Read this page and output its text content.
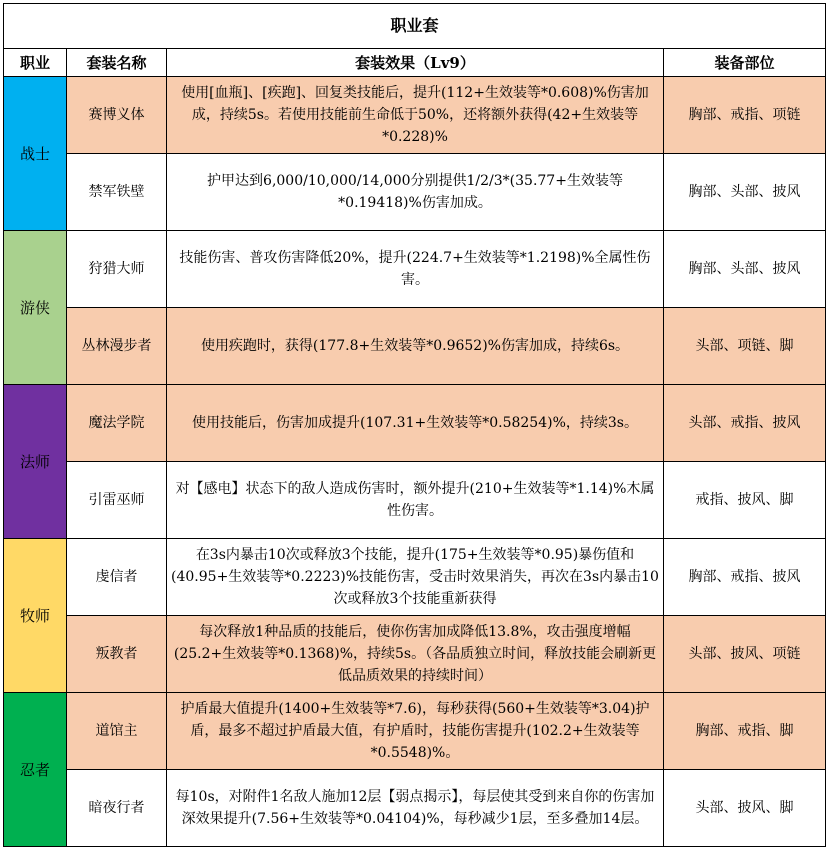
职业套			
职业	套装名称	套装效果（Lv9）	装备部位
战士	赛博义体	使用[血瓶]、[疾跑]、回复类技能后，提升(112+生效装等*0.608)%伤害加成，持续5s。若使用技能前生命低于50%，还将额外获得(42+生效装等*0.228)%	胸部、戒指、项链
	禁军铁壁	护甲达到6,000/10,000/14,000分别提供1/2/3*(35.77+生效装等*0.19418)%伤害加成。	胸部、头部、披风
游侠	狩猎大师	技能伤害、普攻伤害降低20%，提升(224.7+生效装等*1.2198)%全属性伤害。	胸部、头部、披风
	丛林漫步者	使用疾跑时，获得(177.8+生效装等*0.9652)%伤害加成，持续6s。	头部、项链、脚
法师	魔法学院	使用技能后，伤害加成提升(107.31+生效装等*0.58254)%，持续3s。	头部、戒指、披风
	引雷巫师	对【感电】状态下的敌人造成伤害时，额外提升(210+生效装等*1.14)%木属性伤害。	戒指、披风、脚
牧师	虔信者	在3s内暴击10次或释放3个技能，提升(175+生效装等*0.95)暴伤值和(40.95+生效装等*0.2223)%技能伤害，受击时效果消失，再次在3s内暴击10次或释放3个技能重新获得	胸部、戒指、披风
	叛教者	每次释放1种品质的技能后，使你伤害加成降低13.8%，攻击强度增幅(25.2+生效装等*0.1368)%，持续5s。（各品质独立时间，释放技能会刷新更低品质效果的持续时间）	头部、披风、项链
忍者	道馆主	护盾最大值提升(1400+生效装等*7.6)，每秒获得(560+生效装等*3.04)护盾，最多不超过护盾最大值，有护盾时，技能伤害提升(102.2+生效装等*0.5548)%。	胸部、戒指、脚
	暗夜行者	每10s，对附件1名敌人施加12层【弱点揭示】，每层使其受到来自你的伤害加深效果提升(7.56+生效装等*0.04104)%，每秒减少1层，至多叠加14层。	头部、披风、脚
